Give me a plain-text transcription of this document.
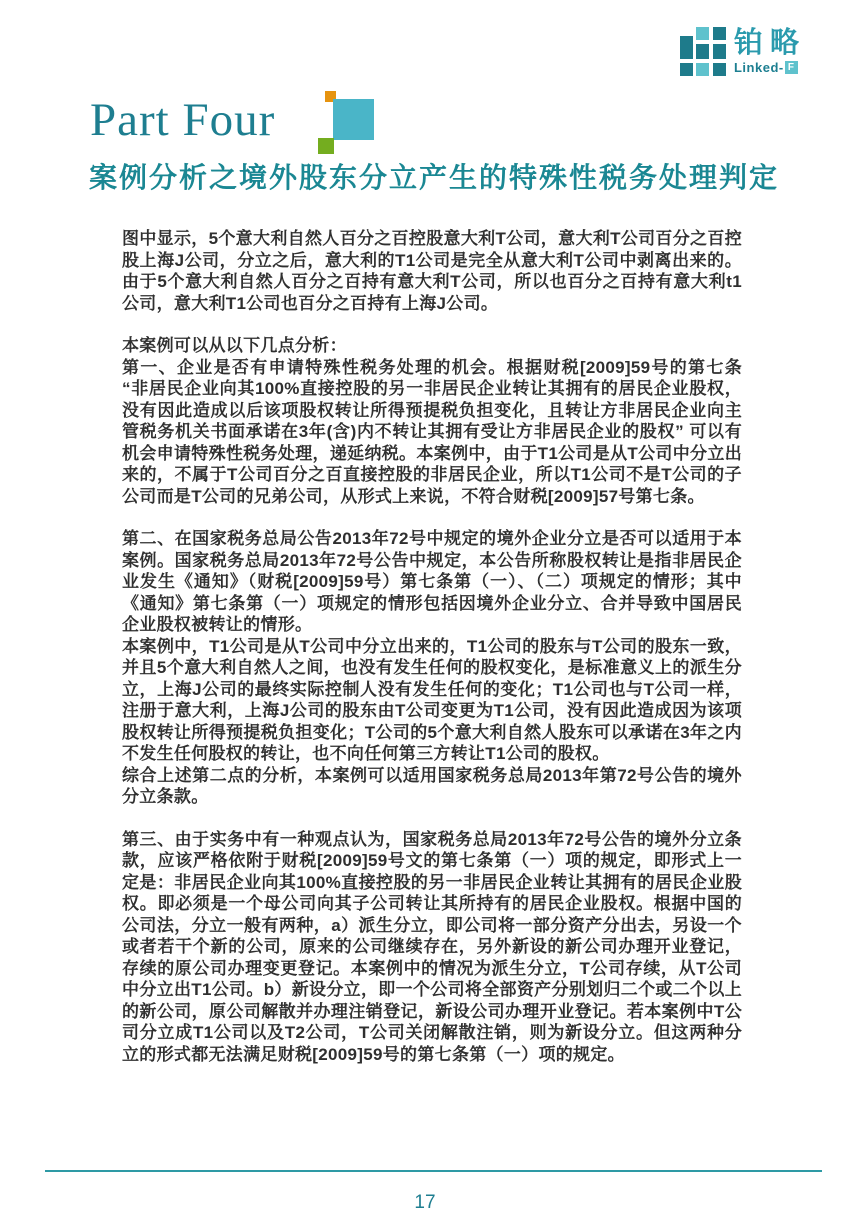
铂略
Linked- F
Part Four
案例分析之境外股东分立产生的特殊性税务处理判定

图中显示，5个意大利自然人百分之百控股意大利T公司，意大利T公司百分之百控股上海J公司，分立之后，意大利的T1公司是完全从意大利T公司中剥离出来的。由于5个意大利自然人百分之百持有意大利T公司，所以也百分之百持有意大利t1公司，意大利T1公司也百分之百持有上海J公司。

本案例可以从以下几点分析：

第一、企业是否有申请特殊性税务处理的机会。根据财税[2009]59号的第七条 “非居民企业向其100%直接控股的另一非居民企业转让其拥有的居民企业股权，没有因此造成以后该项股权转让所得预提税负担变化，且转让方非居民企业向主管税务机关书面承诺在3年(含)内不转让其拥有受让方非居民企业的股权” 可以有机会申请特殊性税务处理，递延纳税。本案例中，由于T1公司是从T公司中分立出来的，不属于T公司百分之百直接控股的非居民企业，所以T1公司不是T公司的子公司而是T公司的兄弟公司，从形式上来说，不符合财税[2009]57号第七条。

第二、在国家税务总局公告2013年72号中规定的境外企业分立是否可以适用于本案例。国家税务总局2013年72号公告中规定，本公告所称股权转让是指非居民企业发生《通知》（财税[2009]59号）第七条第（一）、（二）项规定的情形；其中《通知》第七条第（一）项规定的情形包括因境外企业分立、合并导致中国居民企业股权被转让的情形。

本案例中，T1公司是从T公司中分立出来的，T1公司的股东与T公司的股东一致，并且5个意大利自然人之间，也没有发生任何的股权变化，是标准意义上的派生分立，上海J公司的最终实际控制人没有发生任何的变化；T1公司也与T公司一样，注册于意大利，上海J公司的股东由T公司变更为T1公司，没有因此造成因为该项股权转让所得预提税负担变化；T公司的5个意大利自然人股东可以承诺在3年之内不发生任何股权的转让，也不向任何第三方转让T1公司的股权。

综合上述第二点的分析，本案例可以适用国家税务总局2013年第72号公告的境外分立条款。

第三、由于实务中有一种观点认为，国家税务总局2013年72号公告的境外分立条款，应该严格依附于财税[2009]59号文的第七条第（一）项的规定，即形式上一定是：非居民企业向其100%直接控股的另一非居民企业转让其拥有的居民企业股权。即必须是一个母公司向其子公司转让其所持有的居民企业股权。根据中国的公司法，分立一般有两种，a）派生分立，即公司将一部分资产分出去，另设一个或者若干个新的公司，原来的公司继续存在，另外新设的新公司办理开业登记，存续的原公司办理变更登记。本案例中的情况为派生分立，T公司存续，从T公司中分立出T1公司。b）新设分立，即一个公司将全部资产分别划归二个或二个以上的新公司，原公司解散并办理注销登记，新设公司办理开业登记。若本案例中T公司分立成T1公司以及T2公司，T公司关闭解散注销，则为新设分立。但这两种分立的形式都无法满足财税[2009]59号的第七条第（一）项的规定。

17
